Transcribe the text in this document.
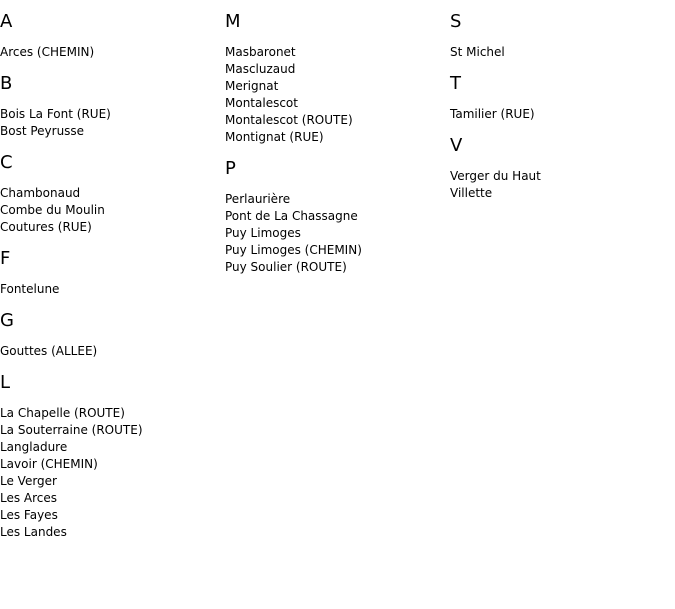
A
Arces (CHEMIN)
B
Bois La Font (RUE)
Bost Peyrusse
C
Chambonaud
Combe du Moulin
Coutures (RUE)
F
Fontelune
G
Gouttes (ALLEE)
L
La Chapelle (ROUTE)
La Souterraine (ROUTE)
Langladure
Lavoir (CHEMIN)
Le Verger
Les Arces
Les Fayes
Les Landes
M
Masbaronet
Mascluzaud
Merignat
Montalescot
Montalescot (ROUTE)
Montignat (RUE)
P
Perlaurière
Pont de La Chassagne
Puy Limoges
Puy Limoges (CHEMIN)
Puy Soulier (ROUTE)
S
St Michel
T
Tamilier (RUE)
V
Verger du Haut
Villette
